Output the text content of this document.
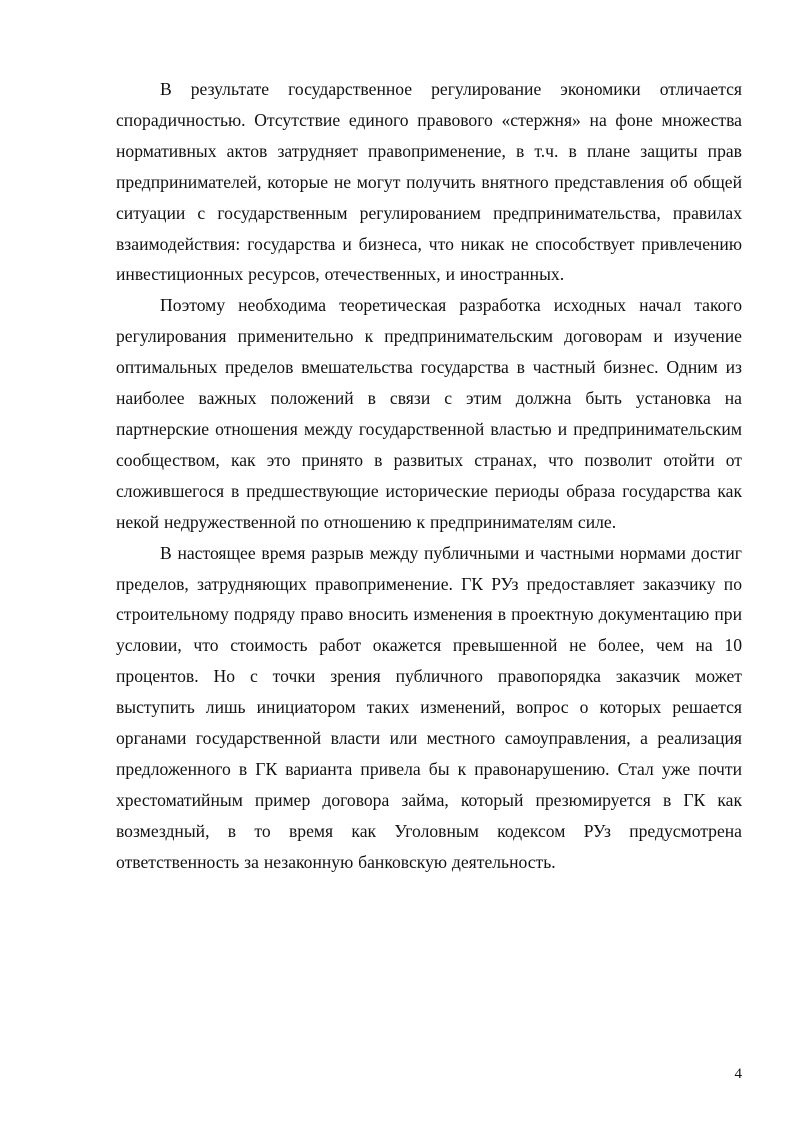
В результате государственное регулирование экономики отличается спорадичностью. Отсутствие единого правового «стержня» на фоне множества нормативных актов затрудняет правоприменение, в т.ч. в плане защиты прав предпринимателей, которые не могут получить внятного представления об общей ситуации с государственным регулированием предпринимательства, правилах взаимодействия: государства и бизнеса, что никак не способствует привлечению инвестиционных ресурсов, отечественных, и иностранных.

Поэтому необходима теоретическая разработка исходных начал такого регулирования применительно к предпринимательским договорам и изучение оптимальных пределов вмешательства государства в частный бизнес. Одним из наиболее важных положений в связи с этим должна быть установка на партнерские отношения между государственной властью и предпринимательским сообществом, как это принято в развитых странах, что позволит отойти от сложившегося в предшествующие исторические периоды образа государства как некой недружественной по отношению к предпринимателям силе.

В настоящее время разрыв между публичными и частными нормами достиг пределов, затрудняющих правоприменение. ГК РУз предоставляет заказчику по строительному подряду право вносить изменения в проектную документацию при условии, что стоимость работ окажется превышенной не более, чем на 10 процентов. Но с точки зрения публичного правопорядка заказчик может выступить лишь инициатором таких изменений, вопрос о которых решается органами государственной власти или местного самоуправления, а реализация предложенного в ГК варианта привела бы к правонарушению. Стал уже почти хрестоматийным пример договора займа, который презюмируется в ГК как возмездный, в то время как Уголовным кодексом РУз предусмотрена ответственность за незаконную банковскую деятельность.

4
